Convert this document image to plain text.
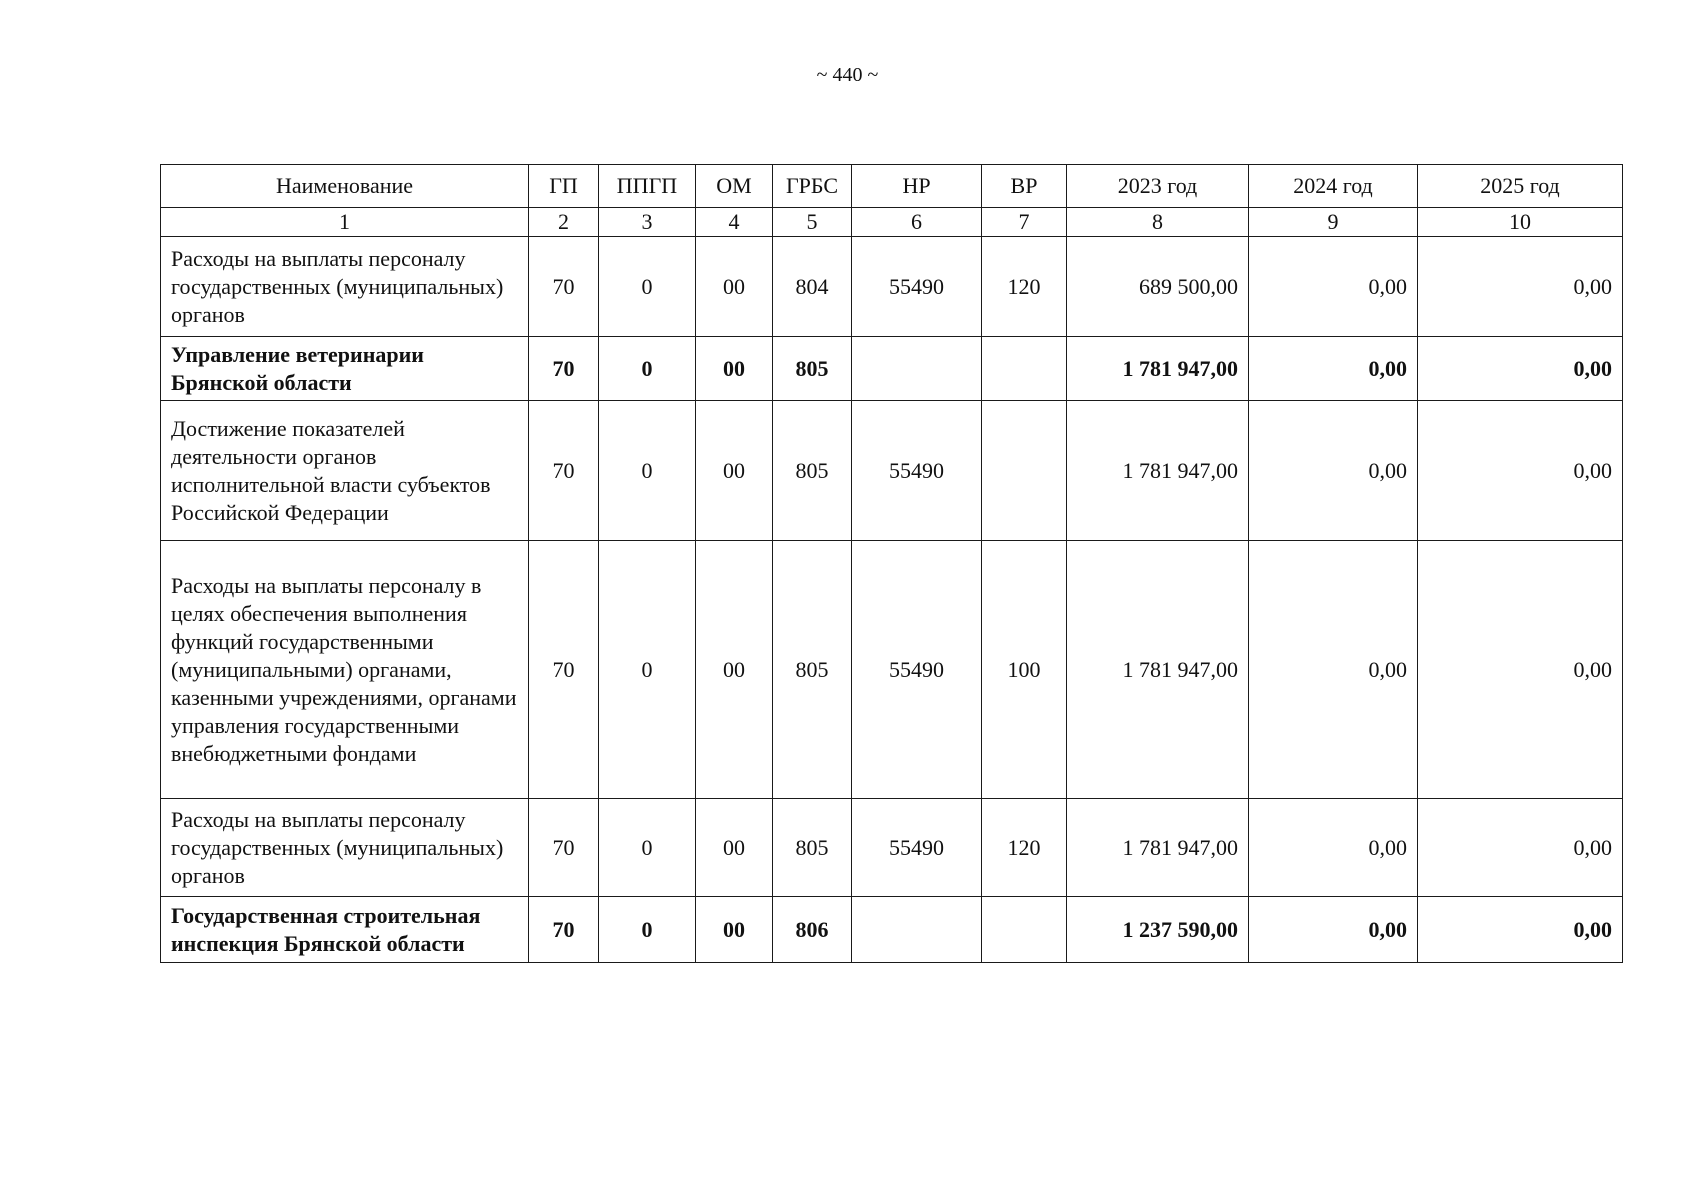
~ 440 ~
Наименование	ГП	ППГП	ОМ	ГРБС	НР	ВР	2023 год	2024 год	2025 год
1	2	3	4	5	6	7	8	9	10
Расходы на выплаты персоналу государственных (муниципальных) органов	70	0	00	804	55490	120	689 500,00	0,00	0,00
Управление ветеринарии Брянской области	70	0	00	805			1 781 947,00	0,00	0,00
Достижение показателей деятельности органов исполнительной власти субъектов Российской Федерации	70	0	00	805	55490		1 781 947,00	0,00	0,00
Расходы на выплаты персоналу в целях обеспечения выполнения функций государственными (муниципальными) органами, казенными учреждениями, органами управления государственными внебюджетными фондами	70	0	00	805	55490	100	1 781 947,00	0,00	0,00
Расходы на выплаты персоналу государственных (муниципальных) органов	70	0	00	805	55490	120	1 781 947,00	0,00	0,00
Государственная строительная инспекция Брянской области	70	0	00	806			1 237 590,00	0,00	0,00
